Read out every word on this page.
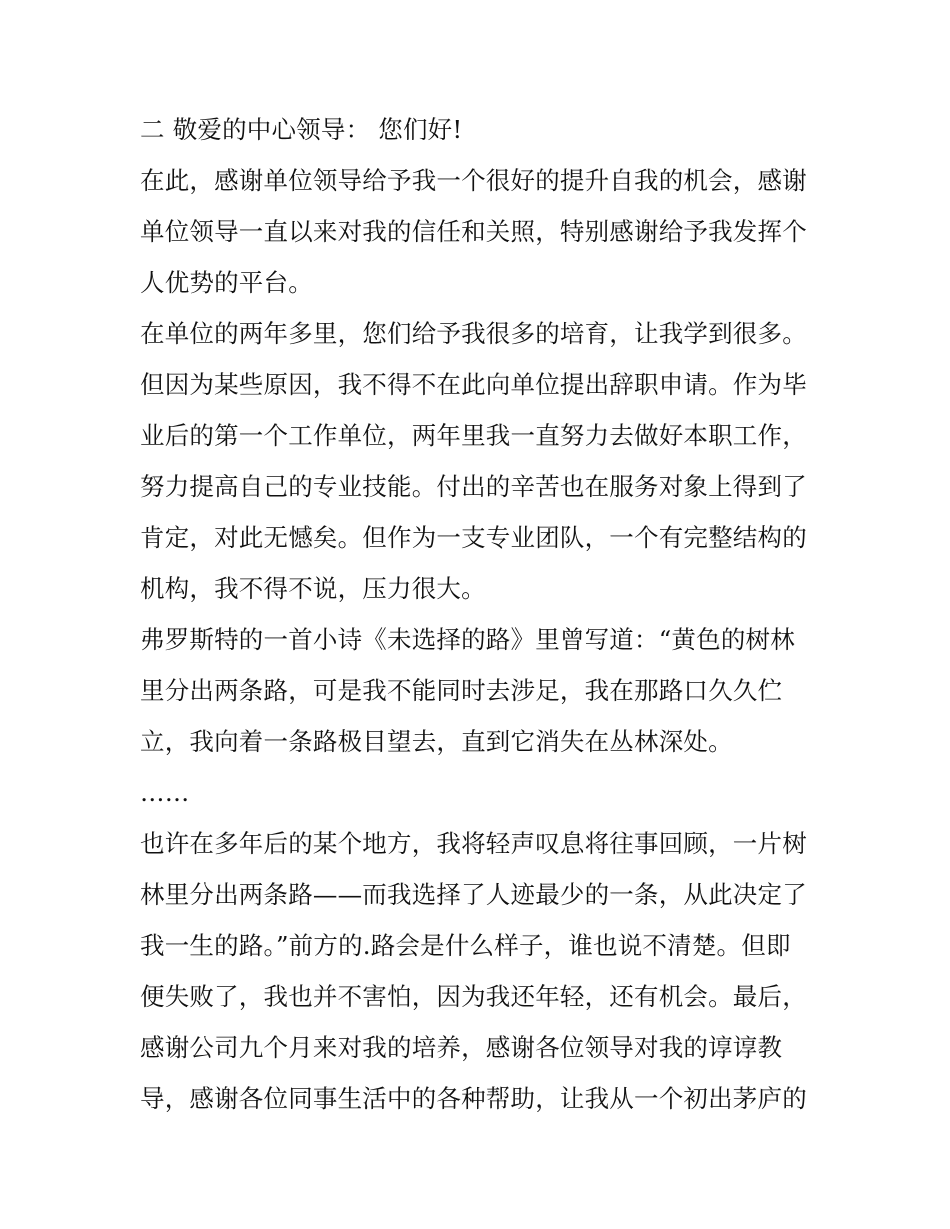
二 敬爱的中心领导： 您们好!
在此，感谢单位领导给予我一个很好的提升自我的机会，感谢
单位领导一直以来对我的信任和关照，特别感谢给予我发挥个
人优势的平台。
在单位的两年多里，您们给予我很多的培育，让我学到很多。
但因为某些原因，我不得不在此向单位提出辞职申请。作为毕
业后的第一个工作单位，两年里我一直努力去做好本职工作，
努力提高自己的专业技能。付出的辛苦也在服务对象上得到了
肯定，对此无憾矣。但作为一支专业团队，一个有完整结构的
机构，我不得不说，压力很大。
弗罗斯特的一首小诗《未选择的路》里曾写道：“黄色的树林
里分出两条路，可是我不能同时去涉足，我在那路口久久伫
立，我向着一条路极目望去，直到它消失在丛林深处。
……
也许在多年后的某个地方，我将轻声叹息将往事回顾，一片树
林里分出两条路——而我选择了人迹最少的一条，从此决定了
我一生的路。”前方的.路会是什么样子，谁也说不清楚。但即
便失败了，我也并不害怕，因为我还年轻，还有机会。最后，
感谢公司九个月来对我的培养，感谢各位领导对我的谆谆教
导，感谢各位同事生活中的各种帮助，让我从一个初出茅庐的
